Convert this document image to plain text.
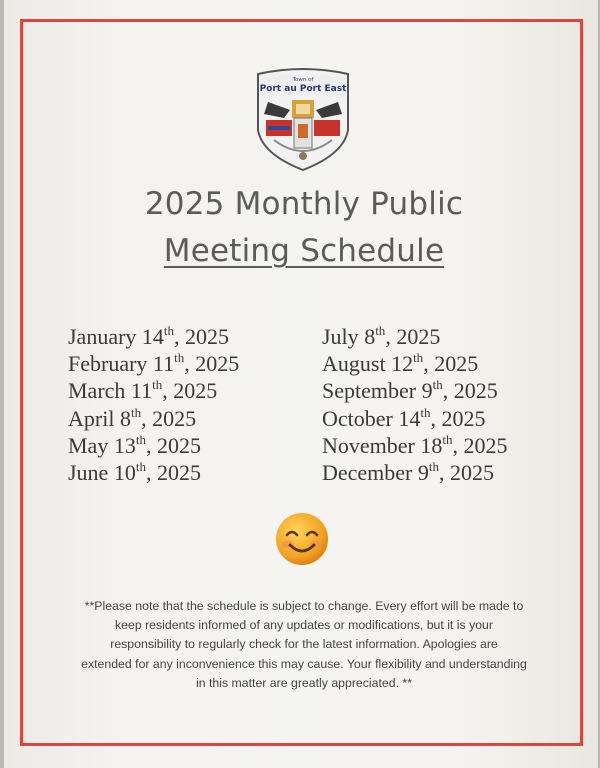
Town of
Port au Port East
2025 Monthly Public
Meeting Schedule
January 14th, 2025
February 11th, 2025
March 11th, 2025
April 8th, 2025
May 13th, 2025
June 10th, 2025
July 8th, 2025
August 12th, 2025
September 9th, 2025
October 14th, 2025
November 18th, 2025
December 9th, 2025
**Please note that the schedule is subject to change. Every effort will be made to
keep residents informed of any updates or modifications, but it is your
responsibility to regularly check for the latest information. Apologies are
extended for any inconvenience this may cause. Your flexibility and understanding
in this matter are greatly appreciated. **
